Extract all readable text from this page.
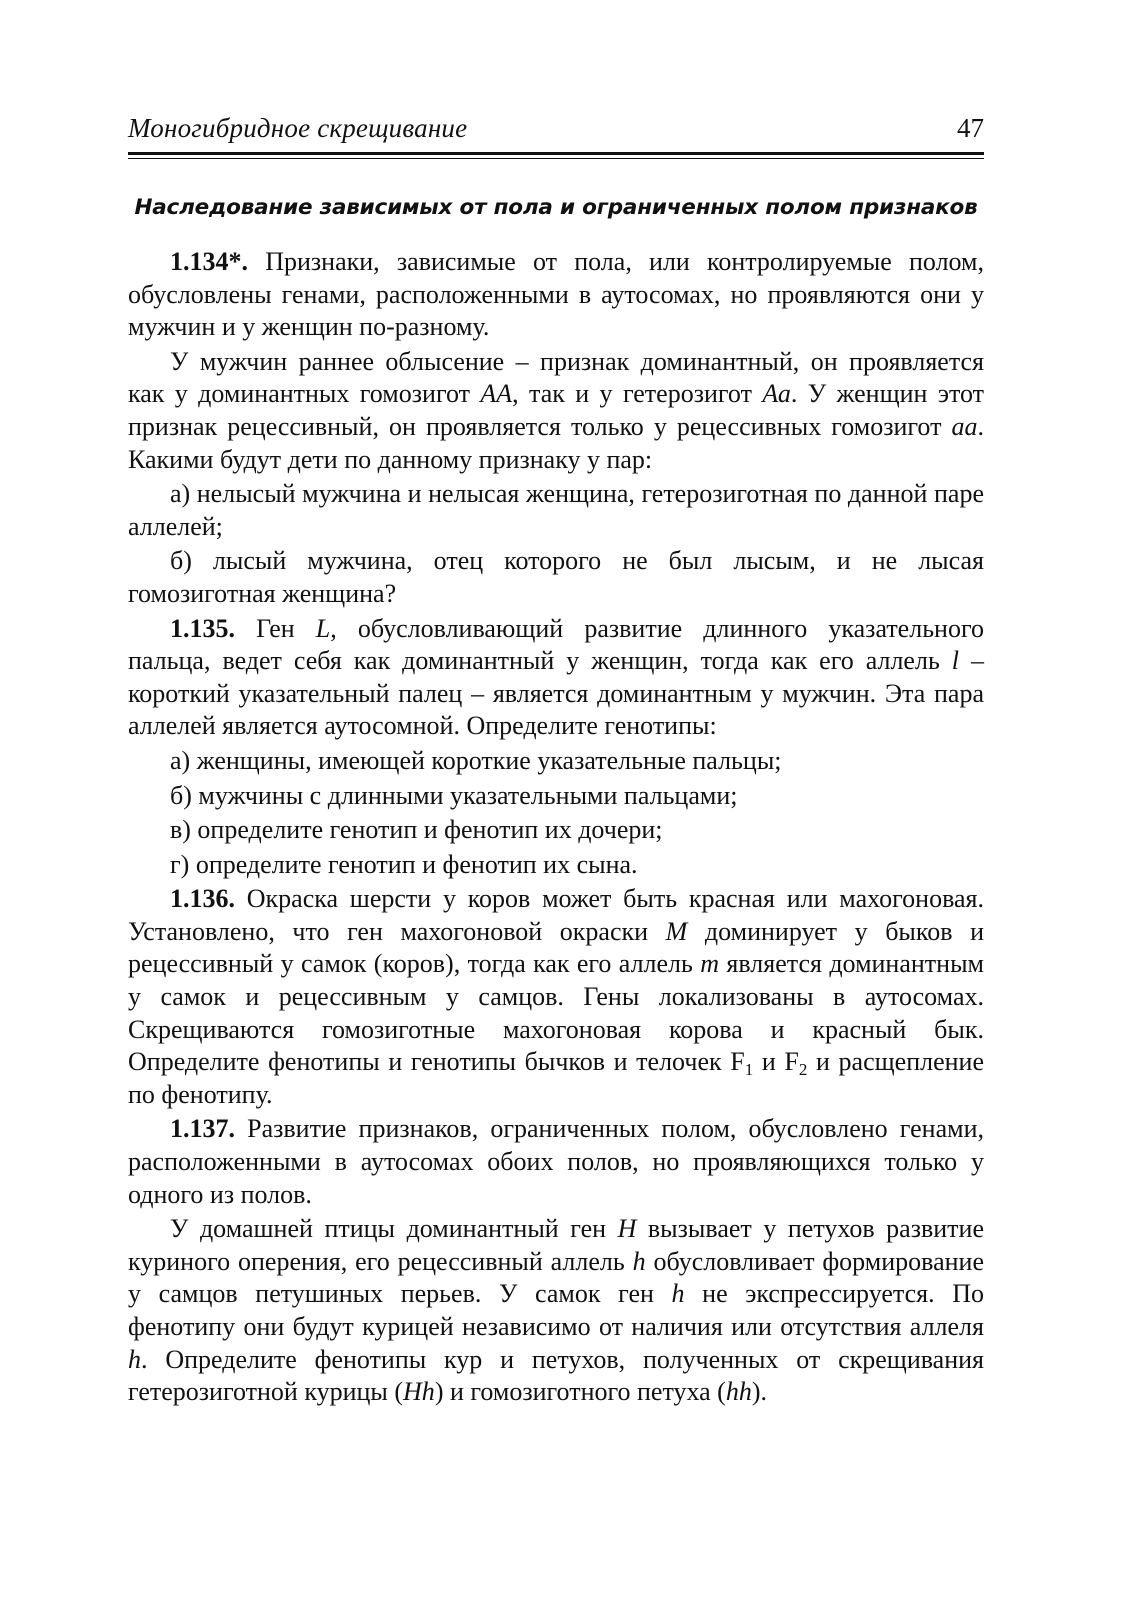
Моногибридное скрещивание	47
Наследование зависимых от пола и ограниченных полом признаков

1.134*. Признаки, зависимые от пола, или контролируемые полом, обусловлены генами, расположенными в аутосомах, но проявляются они у мужчин и у женщин по-разному.

У мужчин раннее облысение – признак доминантный, он проявляется как у доминантных гомозигот АА, так и у гетерозигот Аа. У женщин этот признак рецессивный, он проявляется только у рецессивных гомозигот аа. Какими будут дети по данному признаку у пар:

а) нелысый мужчина и нелысая женщина, гетерозиготная по данной паре аллелей;

б) лысый мужчина, отец которого не был лысым, и не лысая гомозиготная женщина?

1.135. Ген L, обусловливающий развитие длинного указательного пальца, ведет себя как доминантный у женщин, тогда как его аллель l – короткий указательный палец – является доминантным у мужчин. Эта пара аллелей является аутосомной. Определите генотипы:

а) женщины, имеющей короткие указательные пальцы;

б) мужчины с длинными указательными пальцами;

в) определите генотип и фенотип их дочери;

г) определите генотип и фенотип их сына.

1.136. Окраска шерсти у коров может быть красная или махогоновая. Установлено, что ген махогоновой окраски М доминирует у быков и рецессивный у самок (коров), тогда как его аллель m является доминантным у самок и рецессивным у самцов. Гены локализованы в аутосомах. Скрещиваются гомозиготные махогоновая корова и красный бык. Определите фенотипы и генотипы бычков и телочек $F_1$ и $F_2$ и расщепление по фенотипу.

1.137. Развитие признаков, ограниченных полом, обусловлено генами, расположенными в аутосомах обоих полов, но проявляющихся только у одного из полов.

У домашней птицы доминантный ген Н вызывает у петухов развитие куриного оперения, его рецессивный аллель h обусловливает формирование у самцов петушиных перьев. У самок ген h не экспрессируется. По фенотипу они будут курицей независимо от наличия или отсутствия аллеля h. Определите фенотипы кур и петухов, полученных от скрещивания гетерозиготной курицы (Hh) и гомозиготного петуха (hh).
